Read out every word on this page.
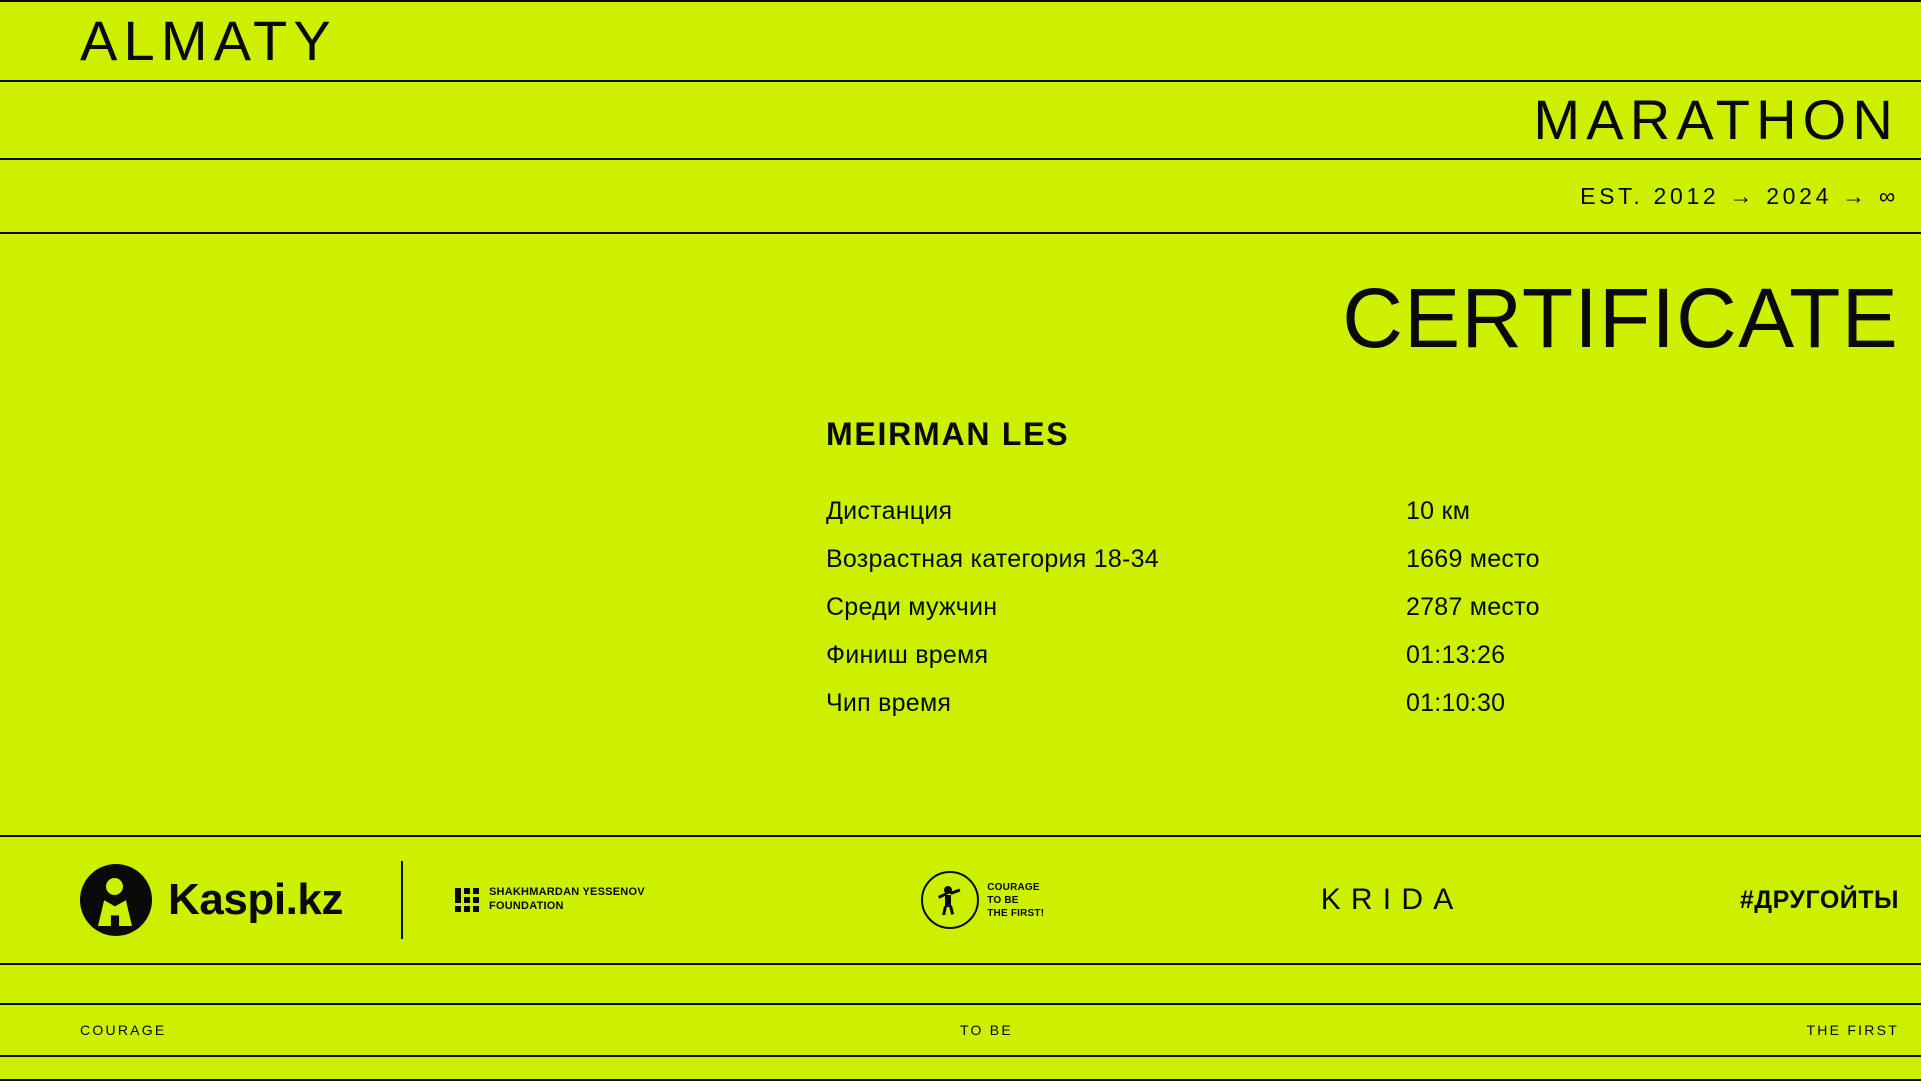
ALMATY
MARATHON
EST. 2012 → 2024 → ∞
CERTIFICATE
MEIRMAN LES
Дистанция	10 км
Возрастная категория 18-34	1669 место
Среди мужчин	2787 место
Финиш время	01:13:26
Чип время	01:10:30
Kaspi.kz	SHAKHMARDAN YESSENOV
FOUNDATION
COURAGE
TO BE
THE FIRST!	KRIDA	#ДРУГОЙТЫ
COURAGE	TO BE	THE FIRST
